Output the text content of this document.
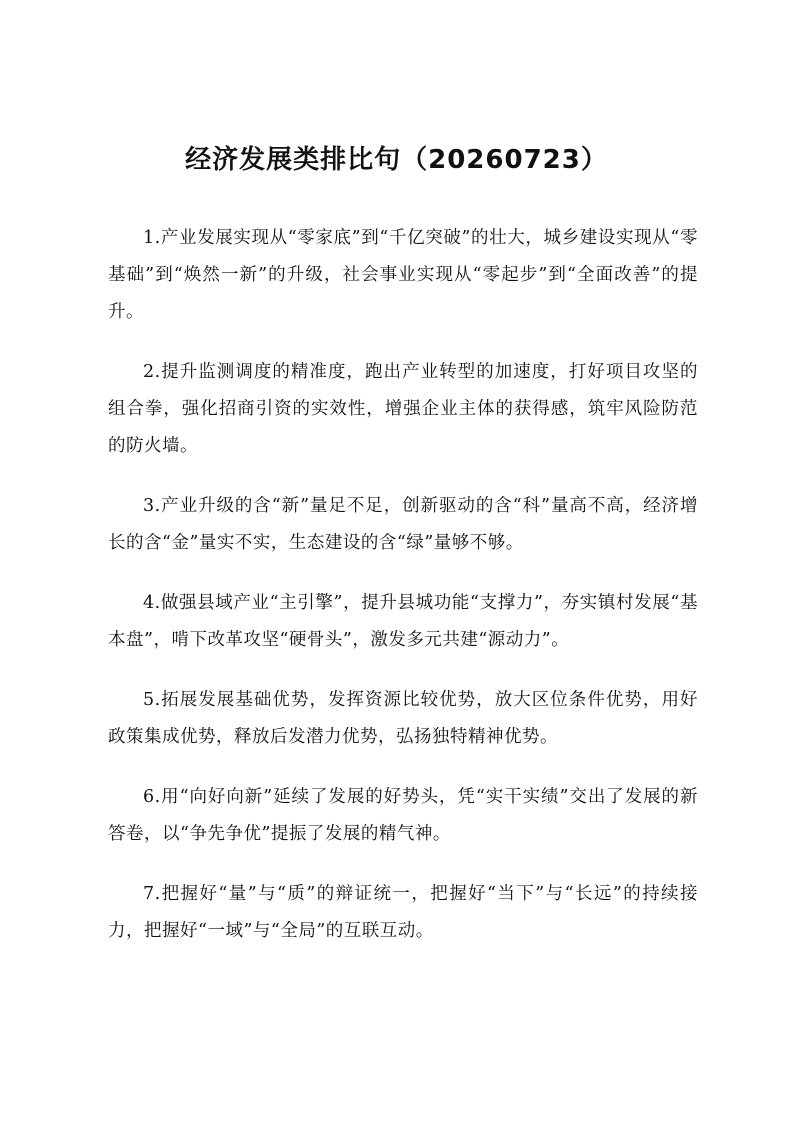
经济发展类排比句（20260723）

1.产业发展实现从“零家底”到“千亿突破”的壮大，城乡建设实现从“零基础”到“焕然一新”的升级，社会事业实现从“零起步”到“全面改善”的提升。

2.提升监测调度的精准度，跑出产业转型的加速度，打好项目攻坚的组合拳，强化招商引资的实效性，增强企业主体的获得感，筑牢风险防范的防火墙。

3.产业升级的含“新”量足不足，创新驱动的含“科”量高不高，经济增长的含“金”量实不实，生态建设的含“绿”量够不够。

4.做强县域产业“主引擎”，提升县城功能“支撑力”，夯实镇村发展“基本盘”，啃下改革攻坚“硬骨头”，激发多元共建“源动力”。

5.拓展发展基础优势，发挥资源比较优势，放大区位条件优势，用好政策集成优势，释放后发潜力优势，弘扬独特精神优势。

6.用“向好向新”延续了发展的好势头，凭“实干实绩”交出了发展的新答卷，以“争先争优”提振了发展的精气神。

7.把握好“量”与“质”的辩证统一，把握好“当下”与“长远”的持续接力，把握好“一域”与“全局”的互联互动。
